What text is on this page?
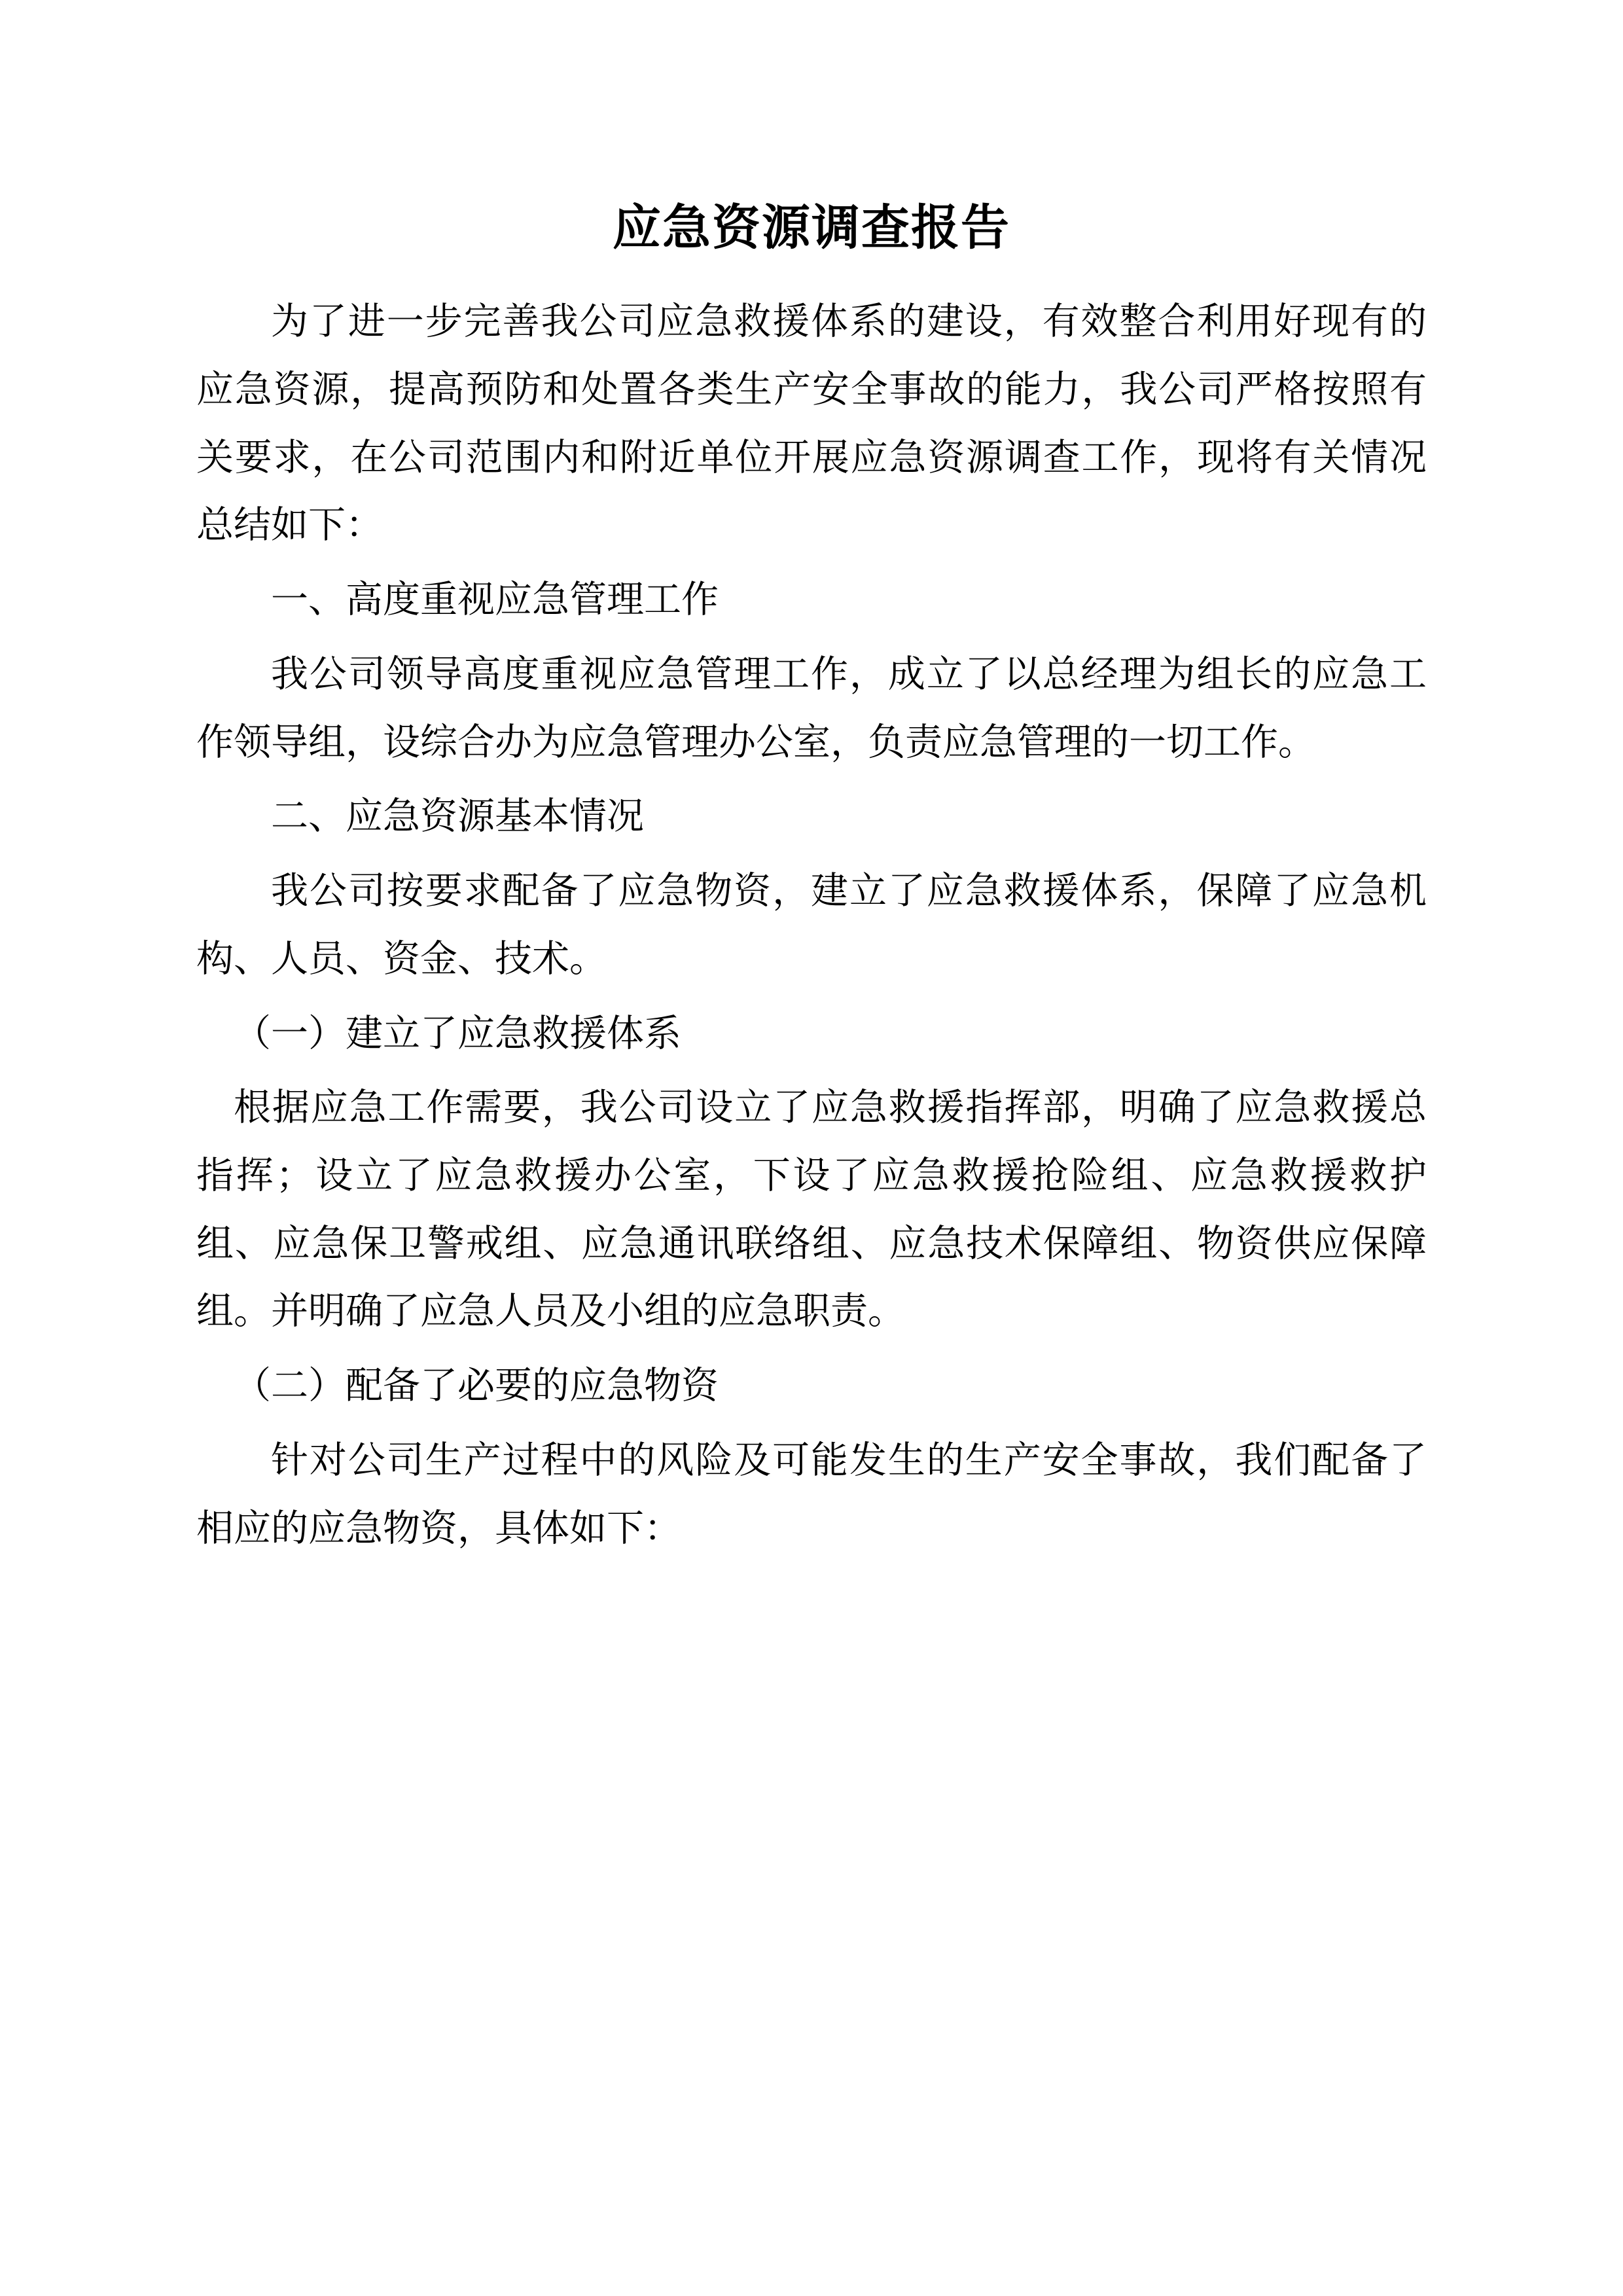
应急资源调查报告

为了进一步完善我公司应急救援体系的建设，有效整合利用好现有的应急资源，提高预防和处置各类生产安全事故的能力，我公司严格按照有关要求，在公司范围内和附近单位开展应急资源调查工作，现将有关情况总结如下：

一、高度重视应急管理工作

我公司领导高度重视应急管理工作，成立了以总经理为组长的应急工作领导组，设综合办为应急管理办公室，负责应急管理的一切工作。

二、应急资源基本情况

我公司按要求配备了应急物资，建立了应急救援体系，保障了应急机构、人员、资金、技术。

（一）建立了应急救援体系

根据应急工作需要，我公司设立了应急救援指挥部，明确了应急救援总指挥；设立了应急救援办公室，下设了应急救援抢险组、应急救援救护组、应急保卫警戒组、应急通讯联络组、应急技术保障组、物资供应保障组。并明确了应急人员及小组的应急职责。

（二）配备了必要的应急物资

针对公司生产过程中的风险及可能发生的生产安全事故，我们配备了相应的应急物资，具体如下：
